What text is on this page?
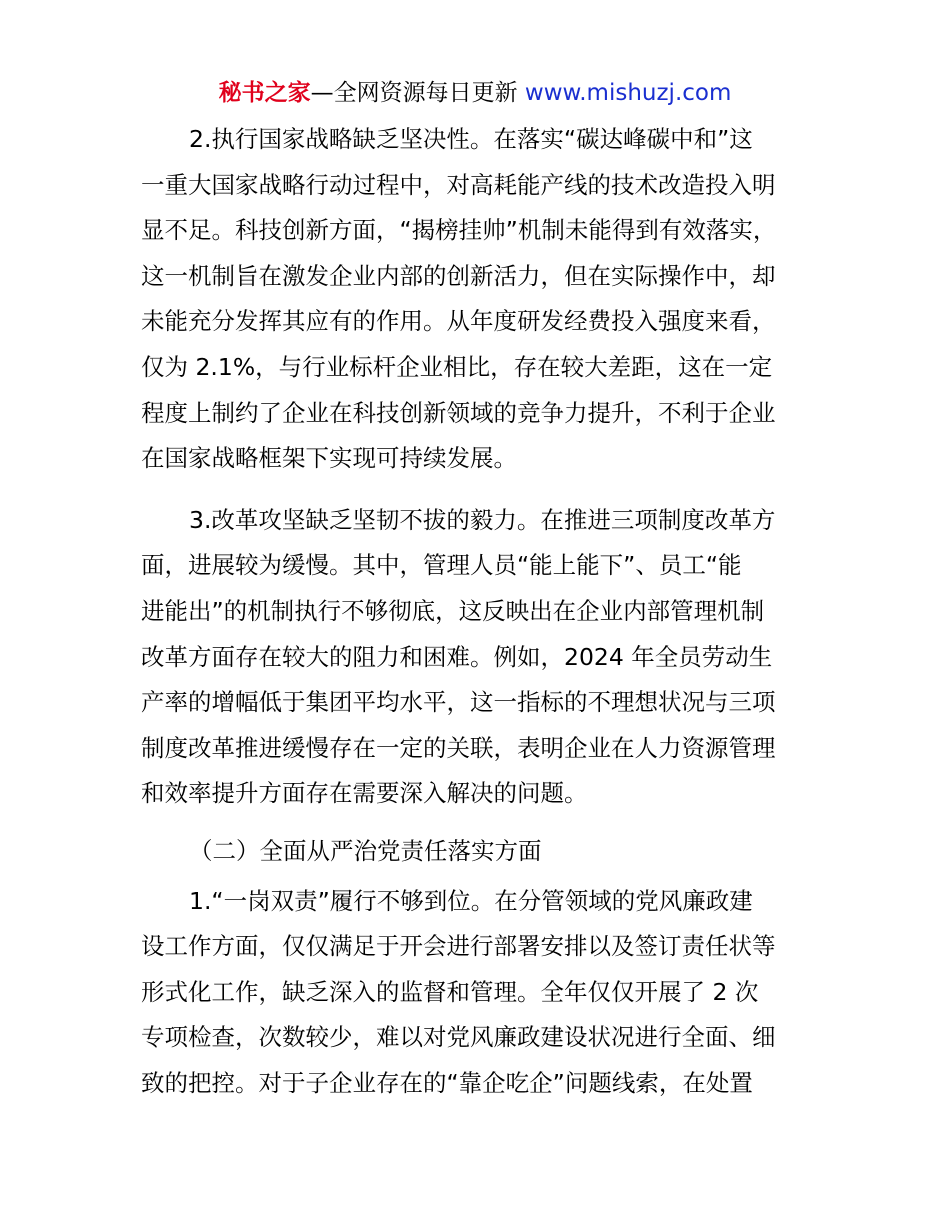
秘书之家—全网资源每日更新 www.mishuzj.com

2.执行国家战略缺乏坚决性。在落实“碳达峰碳中和”这
一重大国家战略行动过程中，对高耗能产线的技术改造投入明
显不足。科技创新方面，“揭榜挂帅”机制未能得到有效落实，
这一机制旨在激发企业内部的创新活力，但在实际操作中，却
未能充分发挥其应有的作用。从年度研发经费投入强度来看，
仅为 2.1%，与行业标杆企业相比，存在较大差距，这在一定
程度上制约了企业在科技创新领域的竞争力提升，不利于企业
在国家战略框架下实现可持续发展。

3.改革攻坚缺乏坚韧不拔的毅力。在推进三项制度改革方
面，进展较为缓慢。其中，管理人员“能上能下”、员工“能
进能出”的机制执行不够彻底，这反映出在企业内部管理机制
改革方面存在较大的阻力和困难。例如，2024 年全员劳动生
产率的增幅低于集团平均水平，这一指标的不理想状况与三项
制度改革推进缓慢存在一定的关联，表明企业在人力资源管理
和效率提升方面存在需要深入解决的问题。

（二）全面从严治党责任落实方面

1.“一岗双责”履行不够到位。在分管领域的党风廉政建
设工作方面，仅仅满足于开会进行部署安排以及签订责任状等
形式化工作，缺乏深入的监督和管理。全年仅仅开展了 2 次
专项检查，次数较少，难以对党风廉政建设状况进行全面、细
致的把控。对于子企业存在的“靠企吃企”问题线索，在处置
